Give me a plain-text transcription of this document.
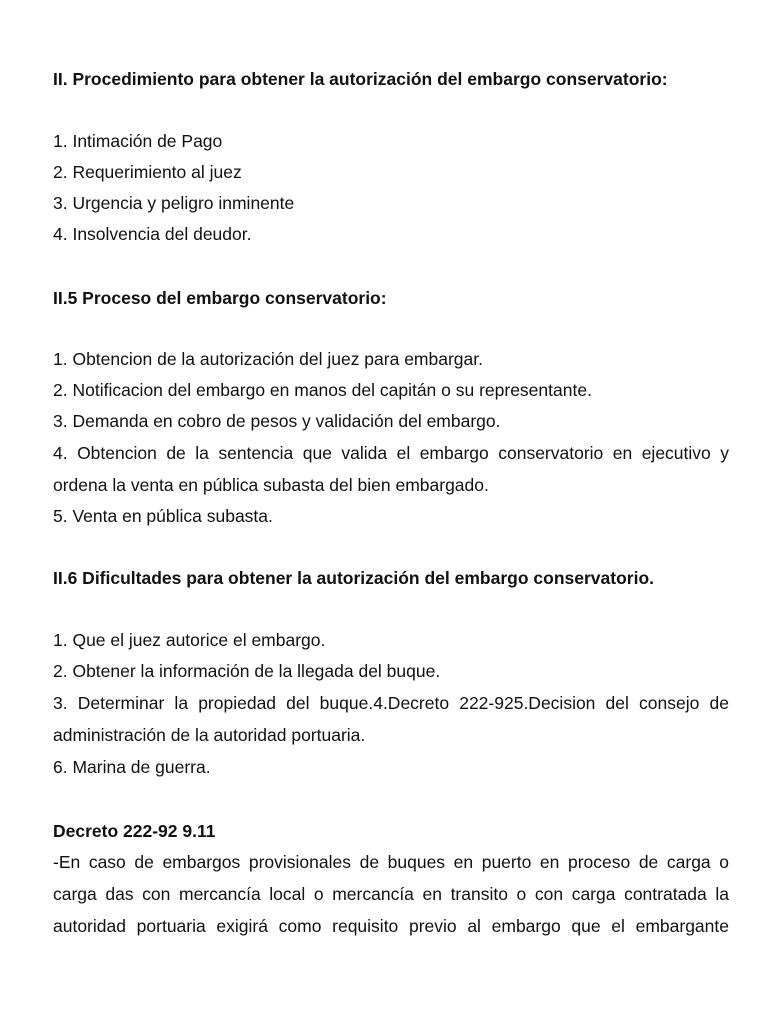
II. Procedimiento para obtener la autorización del embargo conservatorio:
1. Intimación de Pago
2. Requerimiento al juez
3. Urgencia y peligro inminente
4. Insolvencia del deudor.
II.5 Proceso del embargo conservatorio:
1. Obtencion de la autorización del juez para embargar.
2. Notificacion del embargo en manos del capitán o su representante.
3. Demanda en cobro de pesos y validación del embargo.
4. Obtencion de la sentencia que valida el embargo conservatorio en ejecutivo y
ordena la venta en pública subasta del bien embargado.
5. Venta en pública subasta.
II.6 Dificultades para obtener la autorización del embargo conservatorio.
1. Que el juez autorice el embargo.
2. Obtener la información de la llegada del buque.
3. Determinar la propiedad del buque.4.Decreto 222-925.Decision del consejo de
administración de la autoridad portuaria.
6. Marina de guerra.
Decreto 222-92 9.11
-En caso de embargos provisionales de buques en puerto en proceso de carga o
carga das con mercancía local o mercancía en transito o con carga contratada la
autoridad portuaria exigirá como requisito previo al embargo que el embargante
